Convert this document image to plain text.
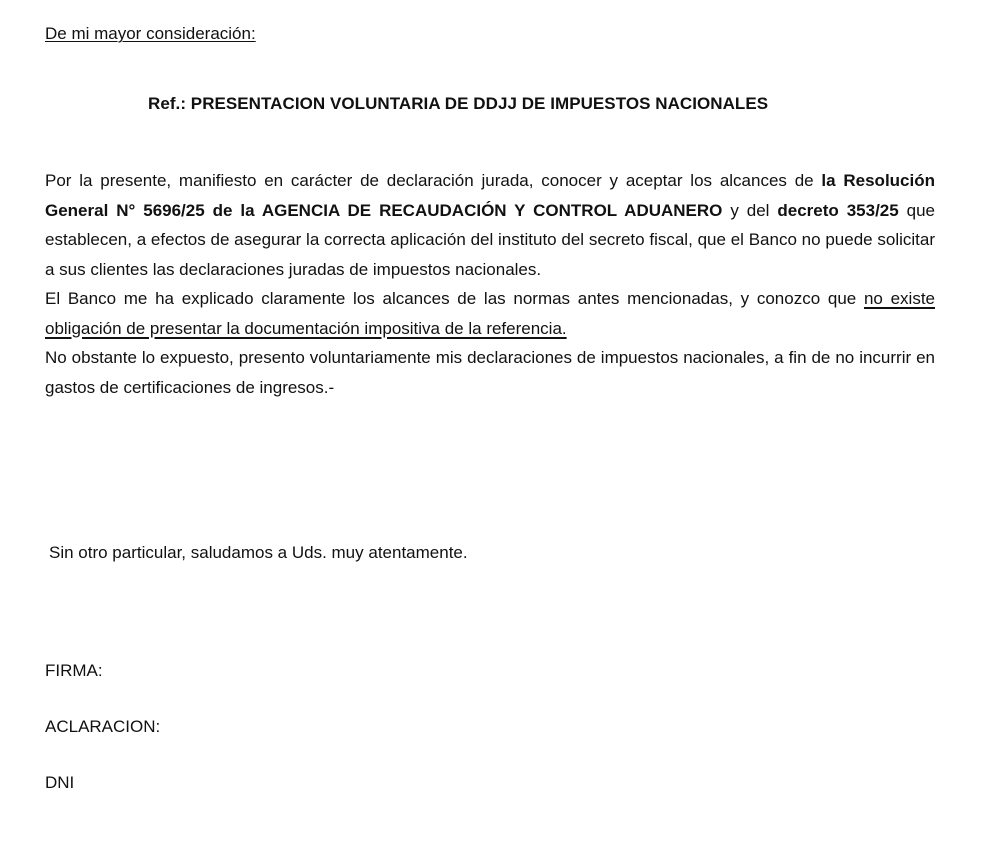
De mi mayor consideración:
Ref.: PRESENTACION VOLUNTARIA DE DDJJ DE IMPUESTOS NACIONALES

Por la presente, manifiesto en carácter de declaración jurada, conocer y aceptar los alcances de la Resolución General N° 5696/25 de la AGENCIA DE RECAUDACIÓN Y CONTROL ADUANERO y del decreto 353/25 que establecen, a efectos de asegurar la correcta aplicación del instituto del secreto fiscal, que el Banco no puede solicitar a sus clientes las declaraciones juradas de impuestos nacionales.

El Banco me ha explicado claramente los alcances de las normas antes mencionadas, y conozco que no existe obligación de presentar la documentación impositiva de la referencia.

No obstante lo expuesto, presento voluntariamente mis declaraciones de impuestos nacionales, a fin de no incurrir en gastos de certificaciones de ingresos.-

Sin otro particular, saludamos a Uds. muy atentamente.
FIRMA:
ACLARACION:
DNI
